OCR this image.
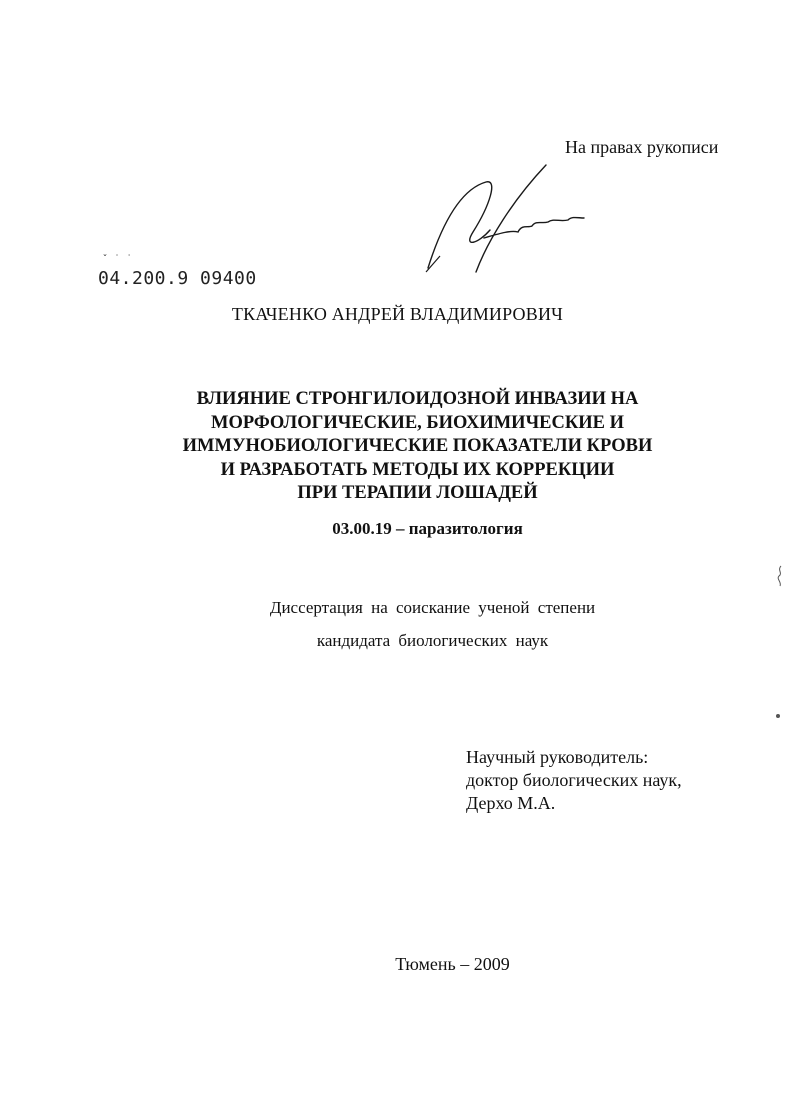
На правах рукописи
ˇ ˙ ˙
04.200.9 09400
ТКАЧЕНКО АНДРЕЙ ВЛАДИМИРОВИЧ
ВЛИЯНИЕ СТРОНГИЛОИДОЗНОЙ ИНВАЗИИ НА
МОРФОЛОГИЧЕСКИЕ, БИОХИМИЧЕСКИЕ И
ИММУНОБИОЛОГИЧЕСКИЕ ПОКАЗАТЕЛИ КРОВИ
И РАЗРАБОТАТЬ МЕТОДЫ ИХ КОРРЕКЦИИ
ПРИ ТЕРАПИИ ЛОШАДЕЙ
03.00.19 – паразитология
Диссертация на соискание ученой степени
кандидата биологических наук
Научный руководитель:
доктор биологических наук,
Дерхо М.А.
Тюмень – 2009
